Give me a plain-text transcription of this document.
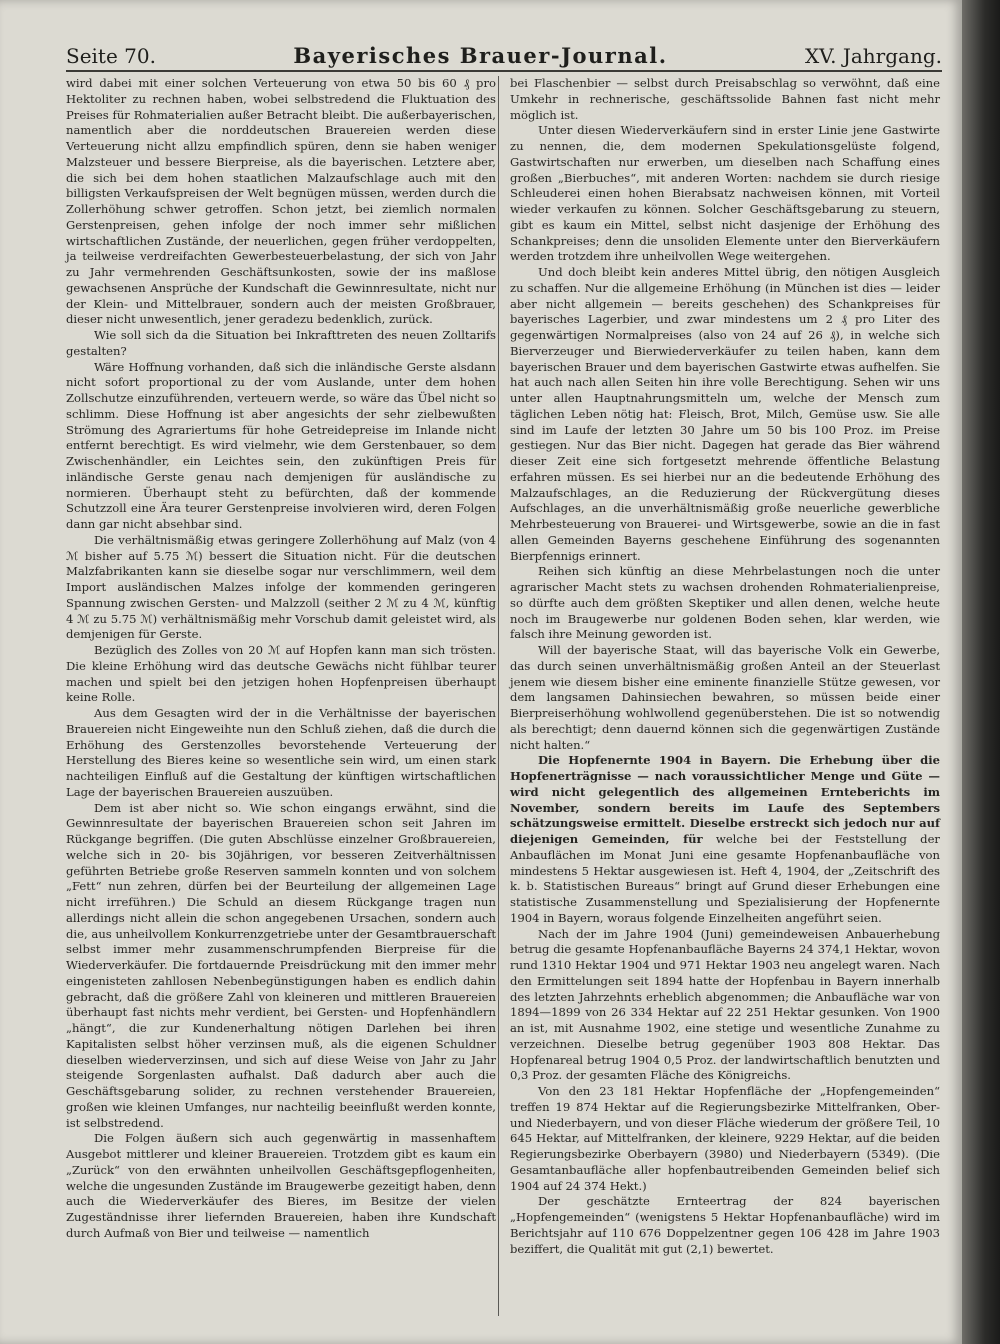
Seite 70.	Bayerisches Brauer-Journal.	XV. Jahrgang.

wird dabei mit einer solchen Verteuerung von etwa 50 bis 60 ₰ pro Hektoliter zu rechnen haben, wobei selbstredend die Fluktuation des Preises für Rohmaterialien außer Betracht bleibt. Die außerbayerischen, namentlich aber die norddeutschen Brauereien werden diese Verteuerung nicht allzu empfindlich spüren, denn sie haben weniger Malzsteuer und bessere Bierpreise, als die bayerischen. Letztere aber, die sich bei dem hohen staatlichen Malzaufschlage auch mit den billigsten Verkaufspreisen der Welt begnügen müssen, werden durch die Zollerhöhung schwer getroffen. Schon jetzt, bei ziemlich normalen Gerstenpreisen, gehen infolge der noch immer sehr mißlichen wirtschaftlichen Zustände, der neuerlichen, gegen früher verdoppelten, ja teilweise verdreifachten Gewerbesteuerbelastung, der sich von Jahr zu Jahr vermehrenden Geschäftsunkosten, sowie der ins maßlose gewachsenen Ansprüche der Kundschaft die Gewinnresultate, nicht nur der Klein- und Mittelbrauer, sondern auch der meisten Großbrauer, dieser nicht unwesentlich, jener geradezu bedenklich, zurück.

Wie soll sich da die Situation bei Inkrafttreten des neuen Zolltarifs gestalten?

Wäre Hoffnung vorhanden, daß sich die inländische Gerste alsdann nicht sofort proportional zu der vom Auslande, unter dem hohen Zollschutze einzuführenden, verteuern werde, so wäre das Übel nicht so schlimm. Diese Hoffnung ist aber angesichts der sehr zielbewußten Strömung des Agrariertums für hohe Getreidepreise im Inlande nicht entfernt berechtigt. Es wird vielmehr, wie dem Gerstenbauer, so dem Zwischenhändler, ein Leichtes sein, den zukünftigen Preis für inländische Gerste genau nach demjenigen für ausländische zu normieren. Überhaupt steht zu befürchten, daß der kommende Schutzzoll eine Ära teurer Gerstenpreise involvieren wird, deren Folgen dann gar nicht absehbar sind.

Die verhältnismäßig etwas geringere Zollerhöhung auf Malz (von 4 ℳ bisher auf 5.75 ℳ) bessert die Situation nicht. Für die deutschen Malzfabrikanten kann sie dieselbe sogar nur verschlimmern, weil dem Import ausländischen Malzes infolge der kommenden geringeren Spannung zwischen Gersten- und Malzzoll (seither 2 ℳ zu 4 ℳ, künftig 4 ℳ zu 5.75 ℳ) verhältnismäßig mehr Vorschub damit geleistet wird, als demjenigen für Gerste.

Bezüglich des Zolles von 20 ℳ auf Hopfen kann man sich trösten. Die kleine Erhöhung wird das deutsche Gewächs nicht fühlbar teurer machen und spielt bei den jetzigen hohen Hopfenpreisen überhaupt keine Rolle.

Aus dem Gesagten wird der in die Verhältnisse der bayerischen Brauereien nicht Eingeweihte nun den Schluß ziehen, daß die durch die Erhöhung des Gerstenzolles bevorstehende Verteuerung der Herstellung des Bieres keine so wesentliche sein wird, um einen stark nachteiligen Einfluß auf die Gestaltung der künftigen wirtschaftlichen Lage der bayerischen Brauereien auszuüben.

Dem ist aber nicht so. Wie schon eingangs erwähnt, sind die Gewinnresultate der bayerischen Brauereien schon seit Jahren im Rückgange begriffen. (Die guten Abschlüsse einzelner Großbrauereien, welche sich in 20- bis 30jährigen, vor besseren Zeitverhältnissen geführten Betriebe große Reserven sammeln konnten und von solchem „Fett“ nun zehren, dürfen bei der Beurteilung der allgemeinen Lage nicht irreführen.) Die Schuld an diesem Rückgange tragen nun allerdings nicht allein die schon angegebenen Ursachen, sondern auch die, aus unheilvollem Konkurrenzgetriebe unter der Gesamtbrauerschaft selbst immer mehr zusammenschrumpfenden Bierpreise für die Wiederverkäufer. Die fortdauernde Preisdrückung mit den immer mehr eingenisteten zahllosen Nebenbegünstigungen haben es endlich dahin gebracht, daß die größere Zahl von kleineren und mittleren Brauereien überhaupt fast nichts mehr verdient, bei Gersten- und Hopfenhändlern „hängt“, die zur Kundenerhaltung nötigen Darlehen bei ihren Kapitalisten selbst höher verzinsen muß, als die eigenen Schuldner dieselben wiederverzinsen, und sich auf diese Weise von Jahr zu Jahr steigende Sorgenlasten aufhalst. Daß dadurch aber auch die Geschäftsgebarung solider, zu rechnen verstehender Brauereien, großen wie kleinen Umfanges, nur nachteilig beeinflußt werden konnte, ist selbstredend.

Die Folgen äußern sich auch gegenwärtig in massenhaftem Ausgebot mittlerer und kleiner Brauereien. Trotzdem gibt es kaum ein „Zurück“ von den erwähnten unheilvollen Geschäftsgepflogenheiten, welche die ungesunden Zustände im Braugewerbe gezeitigt haben, denn auch die Wiederverkäufer des Bieres, im Besitze der vielen Zugeständnisse ihrer liefernden Brauereien, haben ihre Kundschaft durch Aufmaß von Bier und teilweise — namentlich

bei Flaschenbier — selbst durch Preisabschlag so verwöhnt, daß eine Umkehr in rechnerische, geschäftssolide Bahnen fast nicht mehr möglich ist.

Unter diesen Wiederverkäufern sind in erster Linie jene Gastwirte zu nennen, die, dem modernen Spekulationsgelüste folgend, Gastwirtschaften nur erwerben, um dieselben nach Schaffung eines großen „Bierbuches“, mit anderen Worten: nachdem sie durch riesige Schleuderei einen hohen Bierabsatz nachweisen können, mit Vorteil wieder verkaufen zu können. Solcher Geschäftsgebarung zu steuern, gibt es kaum ein Mittel, selbst nicht dasjenige der Erhöhung des Schankpreises; denn die unsoliden Elemente unter den Bierverkäufern werden trotzdem ihre unheilvollen Wege weitergehen.

Und doch bleibt kein anderes Mittel übrig, den nötigen Ausgleich zu schaffen. Nur die allgemeine Erhöhung (in München ist dies — leider aber nicht allgemein — bereits geschehen) des Schankpreises für bayerisches Lagerbier, und zwar mindestens um 2 ₰ pro Liter des gegenwärtigen Normalpreises (also von 24 auf 26 ₰), in welche sich Bierverzeuger und Bierwiederverkäufer zu teilen haben, kann dem bayerischen Brauer und dem bayerischen Gastwirte etwas aufhelfen. Sie hat auch nach allen Seiten hin ihre volle Berechtigung. Sehen wir uns unter allen Hauptnahrungsmitteln um, welche der Mensch zum täglichen Leben nötig hat: Fleisch, Brot, Milch, Gemüse usw. Sie alle sind im Laufe der letzten 30 Jahre um 50 bis 100 Proz. im Preise gestiegen. Nur das Bier nicht. Dagegen hat gerade das Bier während dieser Zeit eine sich fortgesetzt mehrende öffentliche Belastung erfahren müssen. Es sei hierbei nur an die bedeutende Erhöhung des Malzaufschlages, an die Reduzierung der Rückvergütung dieses Aufschlages, an die unverhältnismäßig große neuerliche gewerbliche Mehrbesteuerung von Brauerei- und Wirtsgewerbe, sowie an die in fast allen Gemeinden Bayerns geschehene Einführung des sogenannten Bierpfennigs erinnert.

Reihen sich künftig an diese Mehrbelastungen noch die unter agrarischer Macht stets zu wachsen drohenden Rohmaterialienpreise, so dürfte auch dem größten Skeptiker und allen denen, welche heute noch im Braugewerbe nur goldenen Boden sehen, klar werden, wie falsch ihre Meinung geworden ist.

Will der bayerische Staat, will das bayerische Volk ein Gewerbe, das durch seinen unverhältnismäßig großen Anteil an der Steuerlast jenem wie diesem bisher eine eminente finanzielle Stütze gewesen, vor dem langsamen Dahinsiechen bewahren, so müssen beide einer Bierpreiserhöhung wohlwollend gegenüberstehen. Die ist so notwendig als berechtigt; denn dauernd können sich die gegenwärtigen Zustände nicht halten.“

Die Hopfenernte 1904 in Bayern. Die Erhebung über die Hopfenerträgnisse — nach voraussichtlicher Menge und Güte — wird nicht gelegentlich des allgemeinen Ernteberichts im November, sondern bereits im Laufe des Septembers schätzungsweise ermittelt. Dieselbe erstreckt sich jedoch nur auf diejenigen Gemeinden, für welche bei der Feststellung der Anbauflächen im Monat Juni eine gesamte Hopfenanbaufläche von mindestens 5 Hektar ausgewiesen ist. Heft 4, 1904, der „Zeitschrift des k. b. Statistischen Bureaus“ bringt auf Grund dieser Erhebungen eine statistische Zusammenstellung und Spezialisierung der Hopfenernte 1904 in Bayern, woraus folgende Einzelheiten angeführt seien.

Nach der im Jahre 1904 (Juni) gemeindeweisen Anbauerhebung betrug die gesamte Hopfenanbaufläche Bayerns 24 374,1 Hektar, wovon rund 1310 Hektar 1904 und 971 Hektar 1903 neu angelegt waren. Nach den Ermittelungen seit 1894 hatte der Hopfenbau in Bayern innerhalb des letzten Jahrzehnts erheblich abgenommen; die Anbaufläche war von 1894—1899 von 26 334 Hektar auf 22 251 Hektar gesunken. Von 1900 an ist, mit Ausnahme 1902, eine stetige und wesentliche Zunahme zu verzeichnen. Dieselbe betrug gegenüber 1903 808 Hektar. Das Hopfenareal betrug 1904 0,5 Proz. der landwirtschaftlich benutzten und 0,3 Proz. der gesamten Fläche des Königreichs.

Von den 23 181 Hektar Hopfenfläche der „Hopfengemeinden“ treffen 19 874 Hektar auf die Regierungsbezirke Mittelfranken, Ober- und Niederbayern, und von dieser Fläche wiederum der größere Teil, 10 645 Hektar, auf Mittelfranken, der kleinere, 9229 Hektar, auf die beiden Regierungsbezirke Oberbayern (3980) und Niederbayern (5349). (Die Gesamtanbaufläche aller hopfenbautreibenden Gemeinden belief sich 1904 auf 24 374 Hekt.)

Der geschätzte Ernteertrag der 824 bayerischen „Hopfengemeinden“ (wenigstens 5 Hektar Hopfenanbaufläche) wird im Berichtsjahr auf 110 676 Doppelzentner gegen 106 428 im Jahre 1903 beziffert, die Qualität mit gut (2,1) bewertet.
